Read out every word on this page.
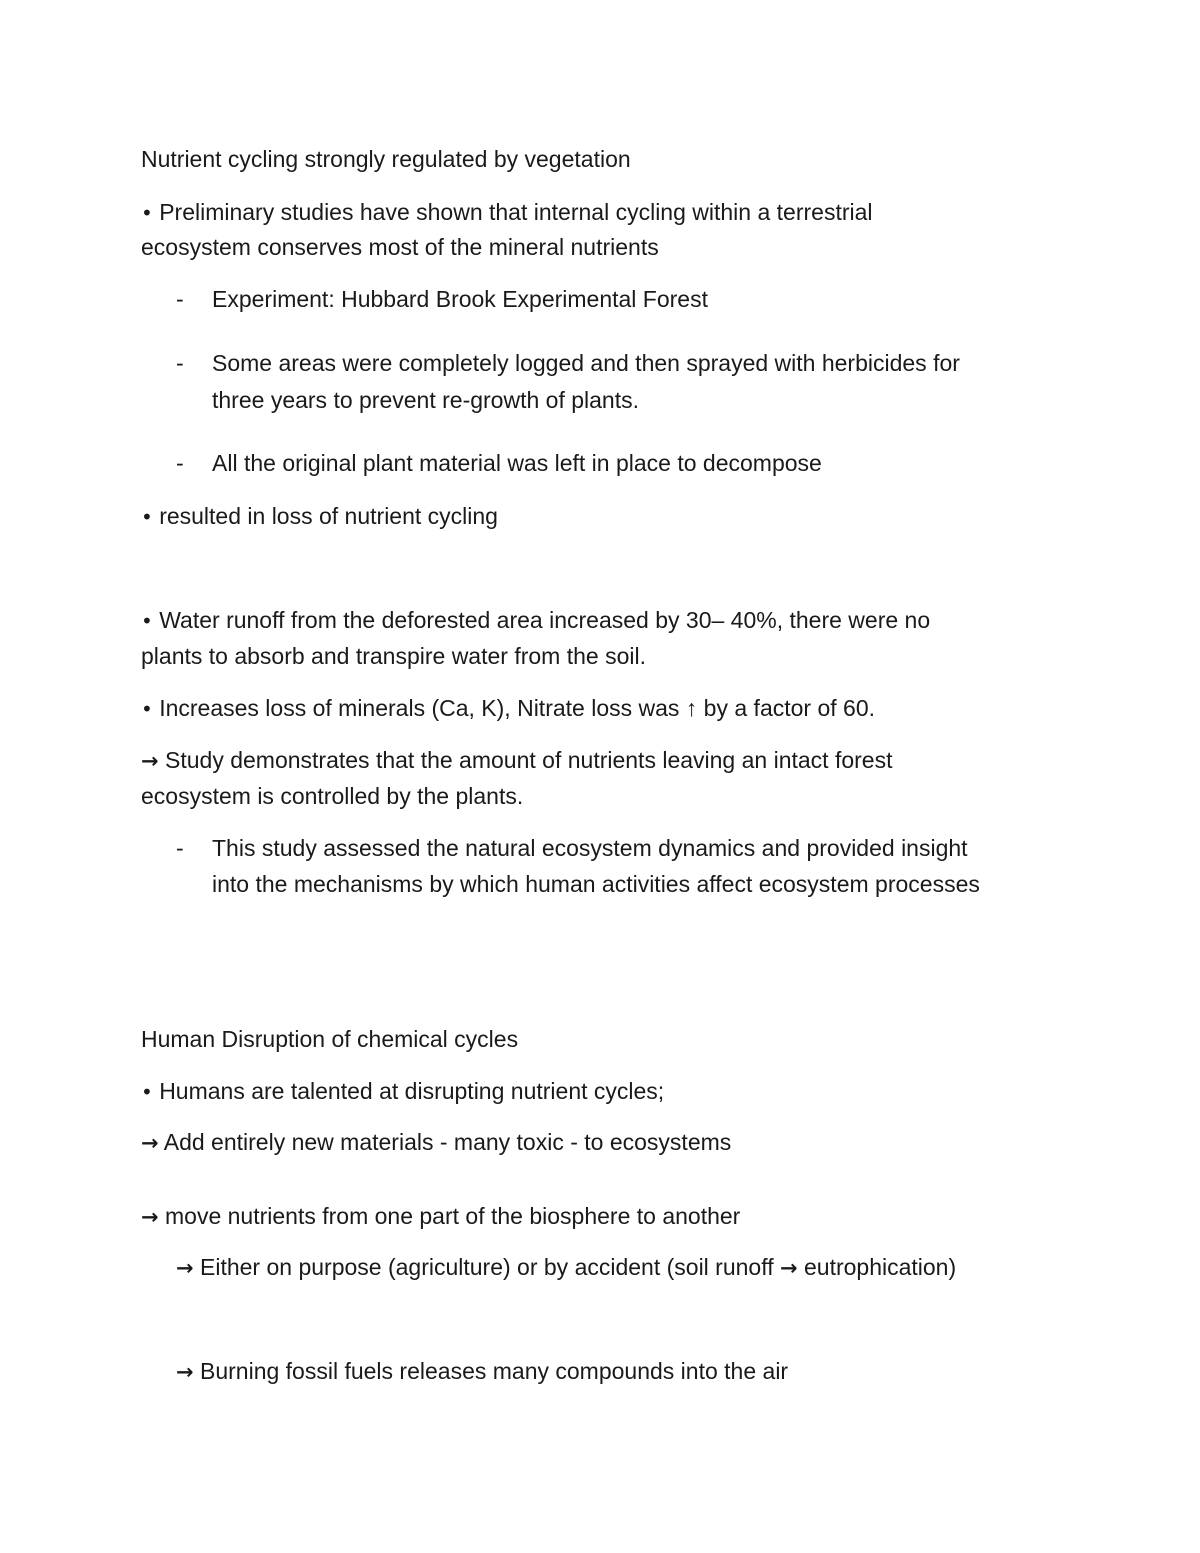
Nutrient cycling strongly regulated by vegetation
• Preliminary studies have shown that internal cycling within a terrestrial
ecosystem conserves most of the mineral nutrients
-	Experiment: Hubbard Brook Experimental Forest
-	Some areas were completely logged and then sprayed with herbicides for
three years to prevent re-growth of plants.
-	All the original plant material was left in place to decompose
• resulted in loss of nutrient cycling
• Water runoff from the deforested area increased by 30– 40%, there were no
plants to absorb and transpire water from the soil.
• Increases loss of minerals (Ca, K), Nitrate loss was ↑ by a factor of 60.
→ Study demonstrates that the amount of nutrients leaving an intact forest
ecosystem is controlled by the plants.
-	This study assessed the natural ecosystem dynamics and provided insight
into the mechanisms by which human activities affect ecosystem processes
Human Disruption of chemical cycles
• Humans are talented at disrupting nutrient cycles;
→ Add entirely new materials - many toxic - to ecosystems
→ move nutrients from one part of the biosphere to another
→ Either on purpose (agriculture) or by accident (soil runoff → eutrophication)
→ Burning fossil fuels releases many compounds into the air
